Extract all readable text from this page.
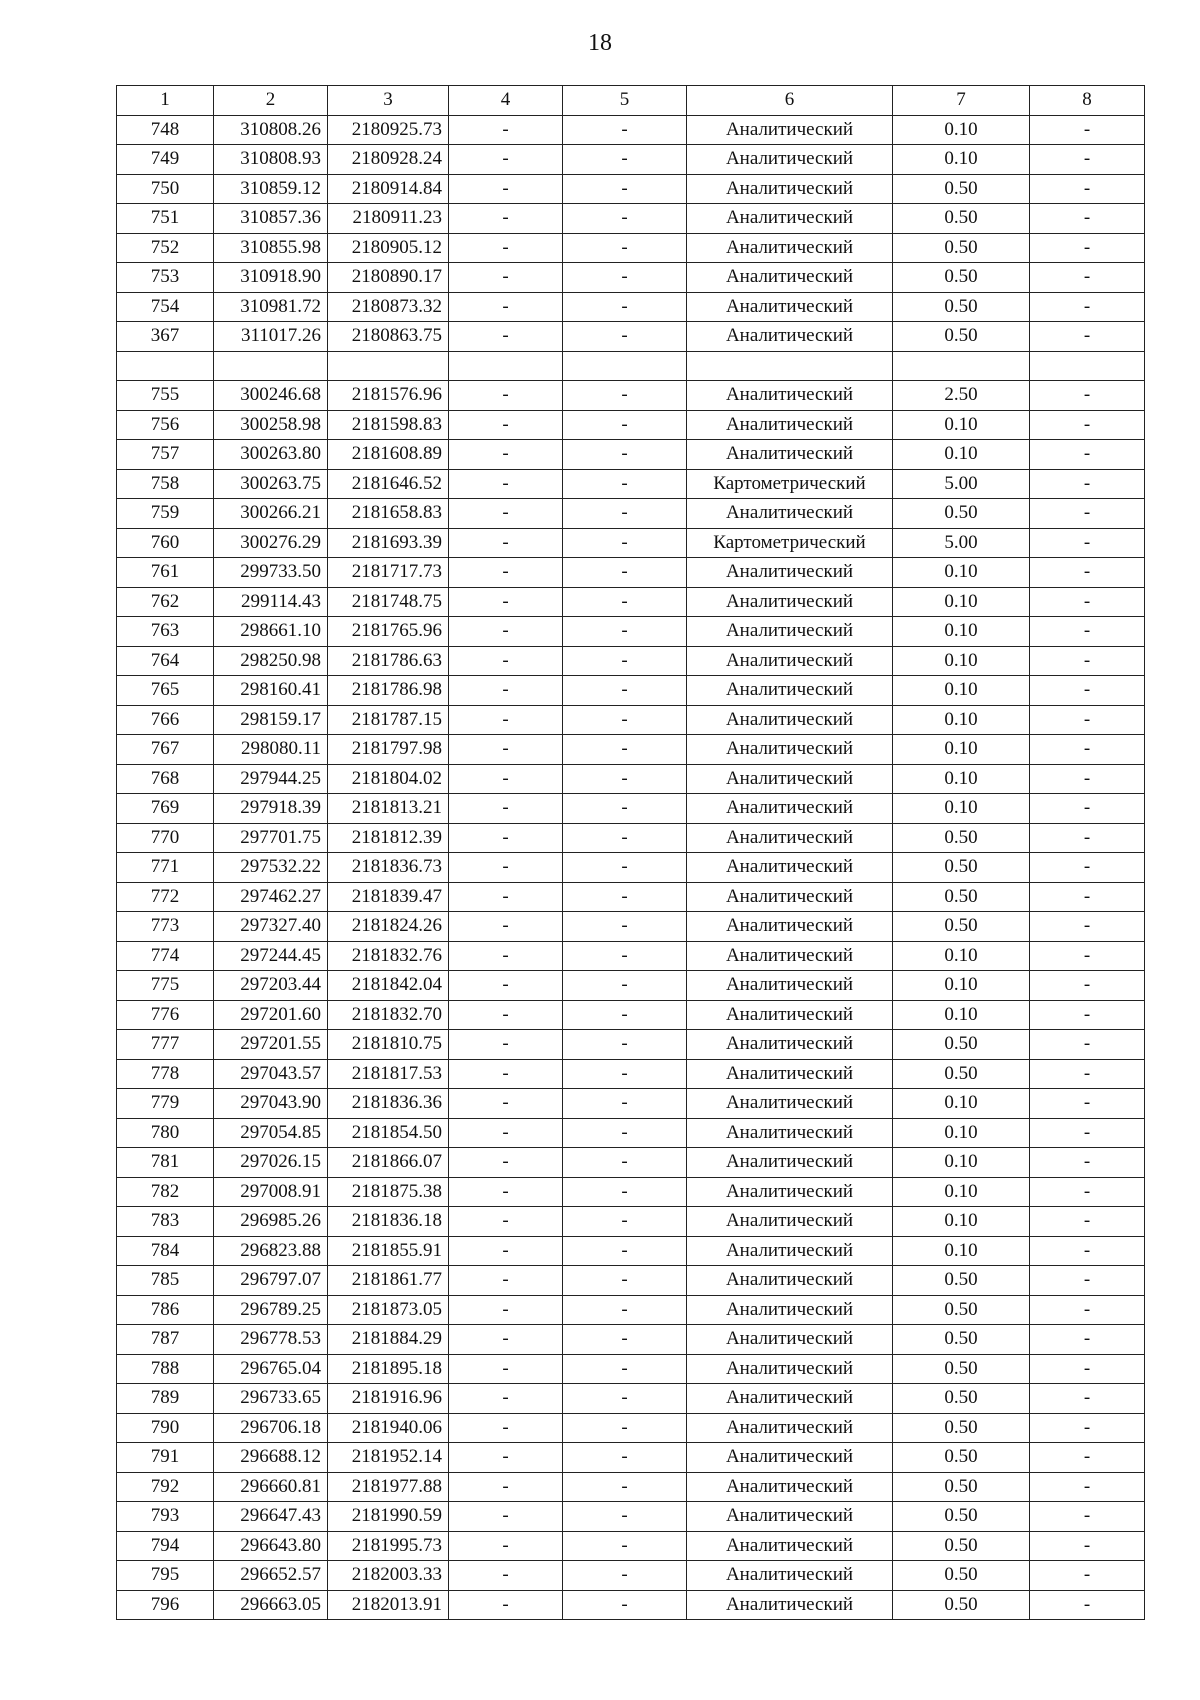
18
1	2	3	4	5	6	7	8
748	310808.26	2180925.73	-	-	Аналитический	0.10	-
749	310808.93	2180928.24	-	-	Аналитический	0.10	-
750	310859.12	2180914.84	-	-	Аналитический	0.50	-
751	310857.36	2180911.23	-	-	Аналитический	0.50	-
752	310855.98	2180905.12	-	-	Аналитический	0.50	-
753	310918.90	2180890.17	-	-	Аналитический	0.50	-
754	310981.72	2180873.32	-	-	Аналитический	0.50	-
367	311017.26	2180863.75	-	-	Аналитический	0.50	-

755	300246.68	2181576.96	-	-	Аналитический	2.50	-
756	300258.98	2181598.83	-	-	Аналитический	0.10	-
757	300263.80	2181608.89	-	-	Аналитический	0.10	-
758	300263.75	2181646.52	-	-	Картометрический	5.00	-
759	300266.21	2181658.83	-	-	Аналитический	0.50	-
760	300276.29	2181693.39	-	-	Картометрический	5.00	-
761	299733.50	2181717.73	-	-	Аналитический	0.10	-
762	299114.43	2181748.75	-	-	Аналитический	0.10	-
763	298661.10	2181765.96	-	-	Аналитический	0.10	-
764	298250.98	2181786.63	-	-	Аналитический	0.10	-
765	298160.41	2181786.98	-	-	Аналитический	0.10	-
766	298159.17	2181787.15	-	-	Аналитический	0.10	-
767	298080.11	2181797.98	-	-	Аналитический	0.10	-
768	297944.25	2181804.02	-	-	Аналитический	0.10	-
769	297918.39	2181813.21	-	-	Аналитический	0.10	-
770	297701.75	2181812.39	-	-	Аналитический	0.50	-
771	297532.22	2181836.73	-	-	Аналитический	0.50	-
772	297462.27	2181839.47	-	-	Аналитический	0.50	-
773	297327.40	2181824.26	-	-	Аналитический	0.50	-
774	297244.45	2181832.76	-	-	Аналитический	0.10	-
775	297203.44	2181842.04	-	-	Аналитический	0.10	-
776	297201.60	2181832.70	-	-	Аналитический	0.10	-
777	297201.55	2181810.75	-	-	Аналитический	0.50	-
778	297043.57	2181817.53	-	-	Аналитический	0.50	-
779	297043.90	2181836.36	-	-	Аналитический	0.10	-
780	297054.85	2181854.50	-	-	Аналитический	0.10	-
781	297026.15	2181866.07	-	-	Аналитический	0.10	-
782	297008.91	2181875.38	-	-	Аналитический	0.10	-
783	296985.26	2181836.18	-	-	Аналитический	0.10	-
784	296823.88	2181855.91	-	-	Аналитический	0.10	-
785	296797.07	2181861.77	-	-	Аналитический	0.50	-
786	296789.25	2181873.05	-	-	Аналитический	0.50	-
787	296778.53	2181884.29	-	-	Аналитический	0.50	-
788	296765.04	2181895.18	-	-	Аналитический	0.50	-
789	296733.65	2181916.96	-	-	Аналитический	0.50	-
790	296706.18	2181940.06	-	-	Аналитический	0.50	-
791	296688.12	2181952.14	-	-	Аналитический	0.50	-
792	296660.81	2181977.88	-	-	Аналитический	0.50	-
793	296647.43	2181990.59	-	-	Аналитический	0.50	-
794	296643.80	2181995.73	-	-	Аналитический	0.50	-
795	296652.57	2182003.33	-	-	Аналитический	0.50	-
796	296663.05	2182013.91	-	-	Аналитический	0.50	-
